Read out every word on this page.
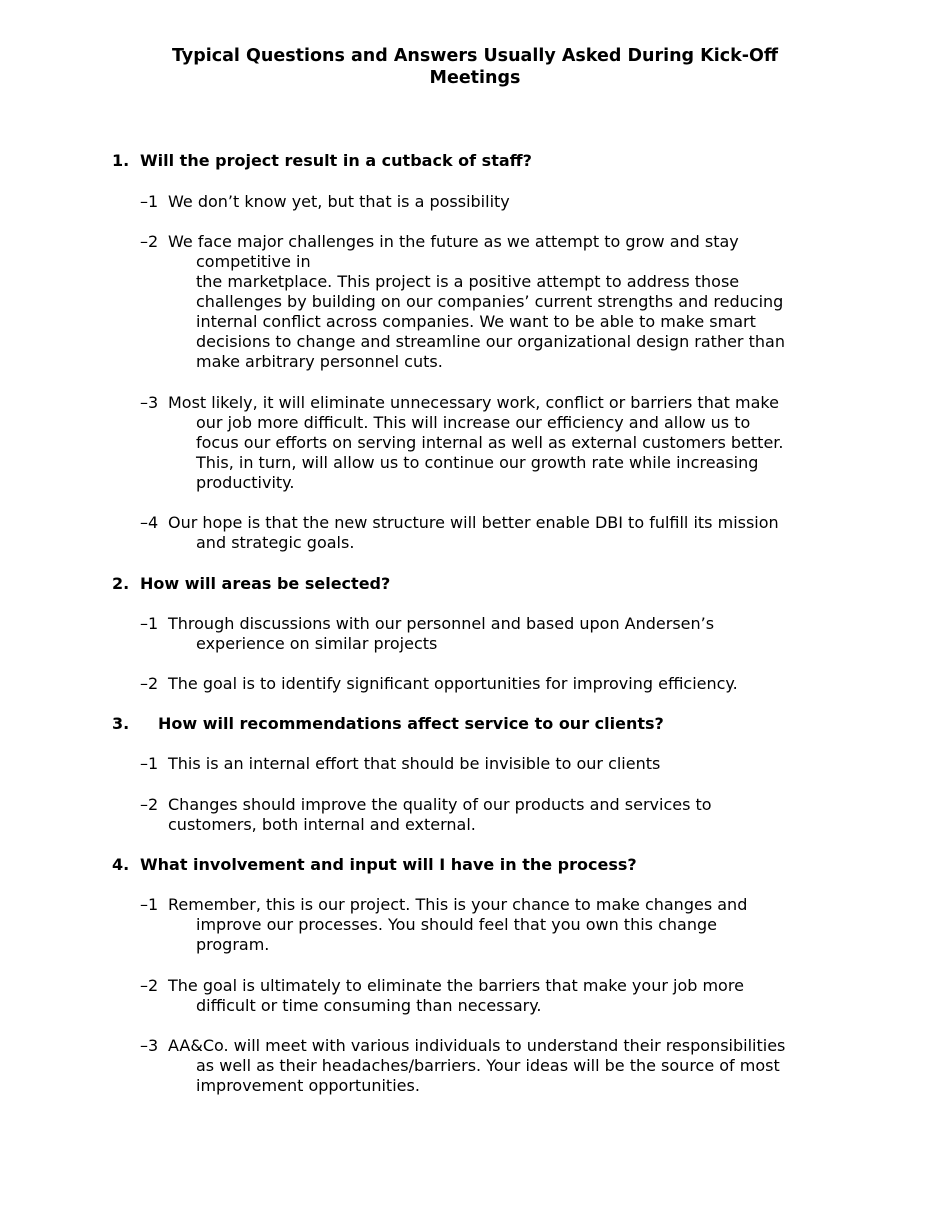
Typical Questions and Answers Usually Asked During Kick-Off
Meetings
1. Will the project result in a cutback of staff?
–1 We don’t know yet, but that is a possibility
–2 We face major challenges in the future as we attempt to grow and stay
competitive in
the marketplace. This project is a positive attempt to address those
challenges by building on our companies’ current strengths and reducing
internal conflict across companies. We want to be able to make smart
decisions to change and streamline our organizational design rather than
make arbitrary personnel cuts.
–3 Most likely, it will eliminate unnecessary work, conflict or barriers that make
our job more difficult. This will increase our efficiency and allow us to
focus our efforts on serving internal as well as external customers better.
This, in turn, will allow us to continue our growth rate while increasing
productivity.
–4 Our hope is that the new structure will better enable DBI to fulfill its mission
and strategic goals.
2. How will areas be selected?
–1 Through discussions with our personnel and based upon Andersen’s
experience on similar projects
–2 The goal is to identify significant opportunities for improving efficiency.
3. How will recommendations affect service to our clients?
–1 This is an internal effort that should be invisible to our clients
–2 Changes should improve the quality of our products and services to
customers, both internal and external.
4. What involvement and input will I have in the process?
–1 Remember, this is our project. This is your chance to make changes and
improve our processes. You should feel that you own this change
program.
–2 The goal is ultimately to eliminate the barriers that make your job more
difficult or time consuming than necessary.
–3 AA&Co. will meet with various individuals to understand their responsibilities
as well as their headaches/barriers. Your ideas will be the source of most
improvement opportunities.
